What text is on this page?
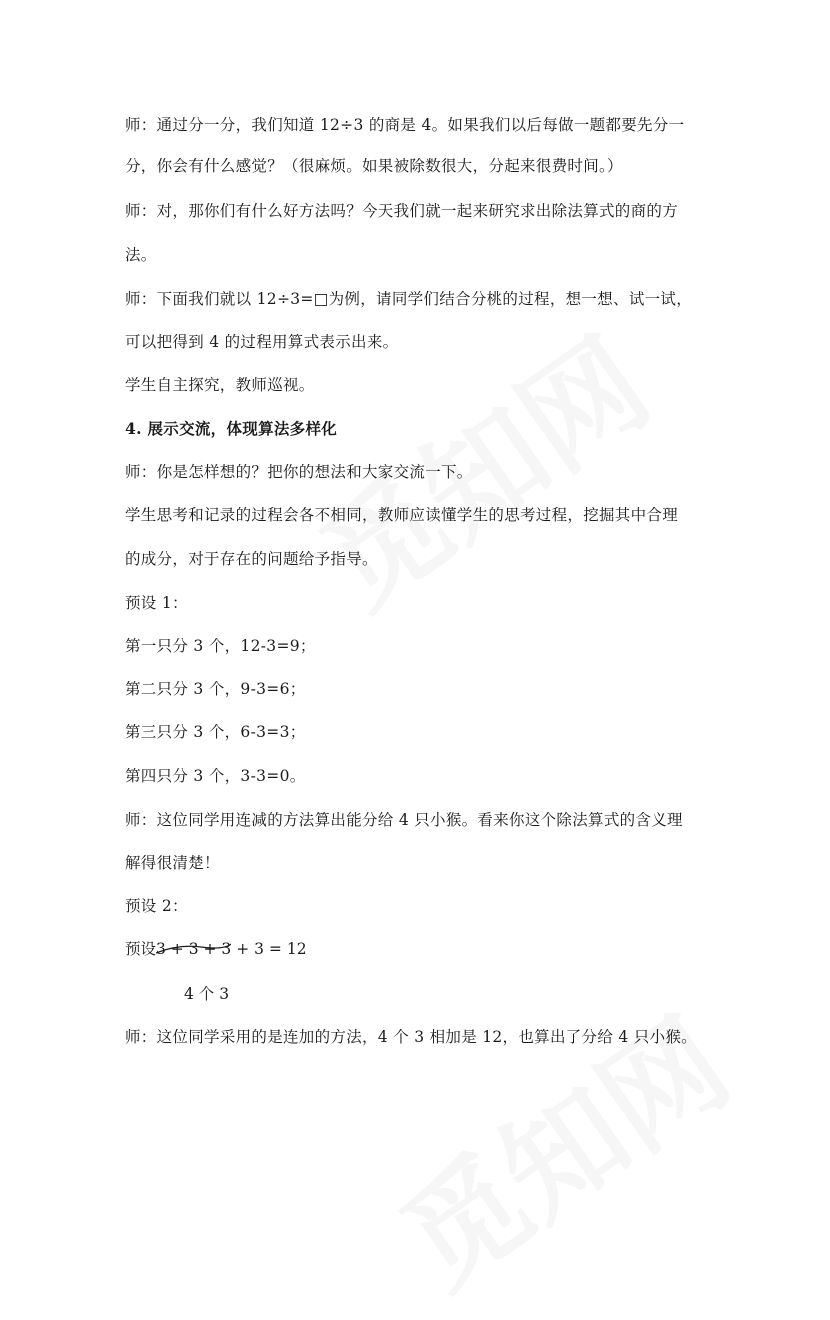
师：通过分一分，我们知道 12÷3 的商是 4。如果我们以后每做一题都要先分一
分，你会有什么感觉？（很麻烦。如果被除数很大，分起来很费时间。）
师：对，那你们有什么好方法吗？今天我们就一起来研究求出除法算式的商的方
法。
师：下面我们就以 12÷3=□为例，请同学们结合分桃的过程，想一想、试一试，
可以把得到 4 的过程用算式表示出来。
学生自主探究，教师巡视。
4. 展示交流，体现算法多样化
师：你是怎样想的？把你的想法和大家交流一下。
学生思考和记录的过程会各不相同，教师应读懂学生的思考过程，挖掘其中合理
的成分，对于存在的问题给予指导。
预设 1：
第一只分 3 个，12-3=9；
第二只分 3 个，9-3=6；
第三只分 3 个，6-3=3；
第四只分 3 个，3-3=0。
师：这位同学用连减的方法算出能分给 4 只小猴。看来你这个除法算式的含义理
解得很清楚！
预设 2：
预设3 + 3 + 3
+ 3 = 12
4 个 3
师：这位同学采用的是连加的方法，4 个 3 相加是 12，也算出了分给 4 只小猴。
